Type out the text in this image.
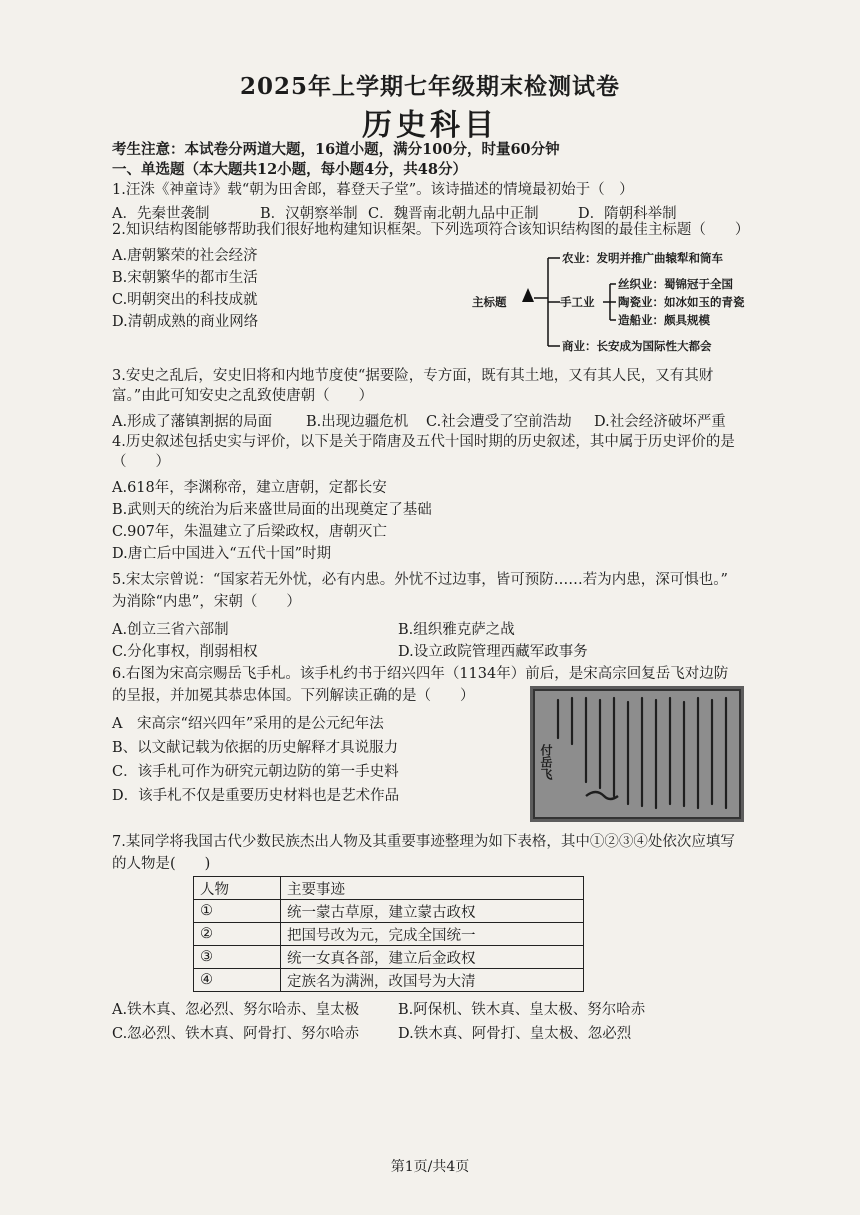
2025年上学期七年级期末检测试卷
历史科目
考生注意：本试卷分两道大题，16道小题，满分100分，时量60分钟
一、单选题（本大题共12小题，每小题4分，共48分）
1.汪洙《神童诗》载“朝为田舍郎，暮登天子堂”。该诗描述的情境最初始于（　）
A．先秦世袭制	B．汉朝察举制 C．魏晋南北朝九品中正制	D．隋朝科举制
2.知识结构图能够帮助我们很好地构建知识框架。下列选项符合该知识结构图的最佳主标题（　　）
A.唐朝繁荣的社会经济
B.宋朝繁华的都市生活
C.明朝突出的科技成就
D.清朝成熟的商业网络
主标题
农业：发明并推广曲辕犁和筒车
手工业
丝织业：蜀锦冠于全国
陶瓷业：如冰如玉的青瓷
造船业：颇具规模
商业：长安成为国际性大都会
3.安史之乱后，安史旧将和内地节度使“据要险，专方面，既有其土地，又有其人民，又有其财
富。”由此可知安史之乱致使唐朝（　　）
A.形成了藩镇割据的局面 B.出现边疆危机 C.社会遭受了空前浩劫 D.社会经济破坏严重
4.历史叙述包括史实与评价，以下是关于隋唐及五代十国时期的历史叙述，其中属于历史评价的是
（　　）
A.618年，李渊称帝，建立唐朝，定都长安
B.武则天的统治为后来盛世局面的出现奠定了基础
C.907年，朱温建立了后梁政权，唐朝灭亡
D.唐亡后中国进入“五代十国”时期
5.宋太宗曾说：“国家若无外忧，必有内患。外忧不过边事，皆可预防……若为内患，深可惧也。”
为消除“内患”，宋朝（　　）
A.创立三省六部制	B.组织雅克萨之战
C.分化事权，削弱相权	D.设立政院管理西藏军政事务
6.右图为宋高宗赐岳飞手札。该手札约书于绍兴四年（1134年）前后，是宋高宗回复岳飞对边防
的呈报，并加冕其恭忠体国。下列解读正确的是（　　）
A　宋高宗“绍兴四年”采用的是公元纪年法
B、以文献记载为依据的历史解释才具说服力
C．该手札可作为研究元朝边防的第一手史料
D．该手札不仅是重要历史材料也是艺术作品
付岳飞
7.某同学将我国古代少数民族杰出人物及其重要事迹整理为如下表格，其中①②③④处依次应填写
的人物是(　　)
人物	主要事迹
①	统一蒙古草原，建立蒙古政权
②	把国号改为元，完成全国统一
③	统一女真各部，建立后金政权
④	定族名为满洲，改国号为大清
A.铁木真、忽必烈、努尔哈赤、皇太极	B.阿保机、铁木真、皇太极、努尔哈赤
C.忽必烈、铁木真、阿骨打、努尔哈赤	D.铁木真、阿骨打、皇太极、忽必烈
第1页/共4页
